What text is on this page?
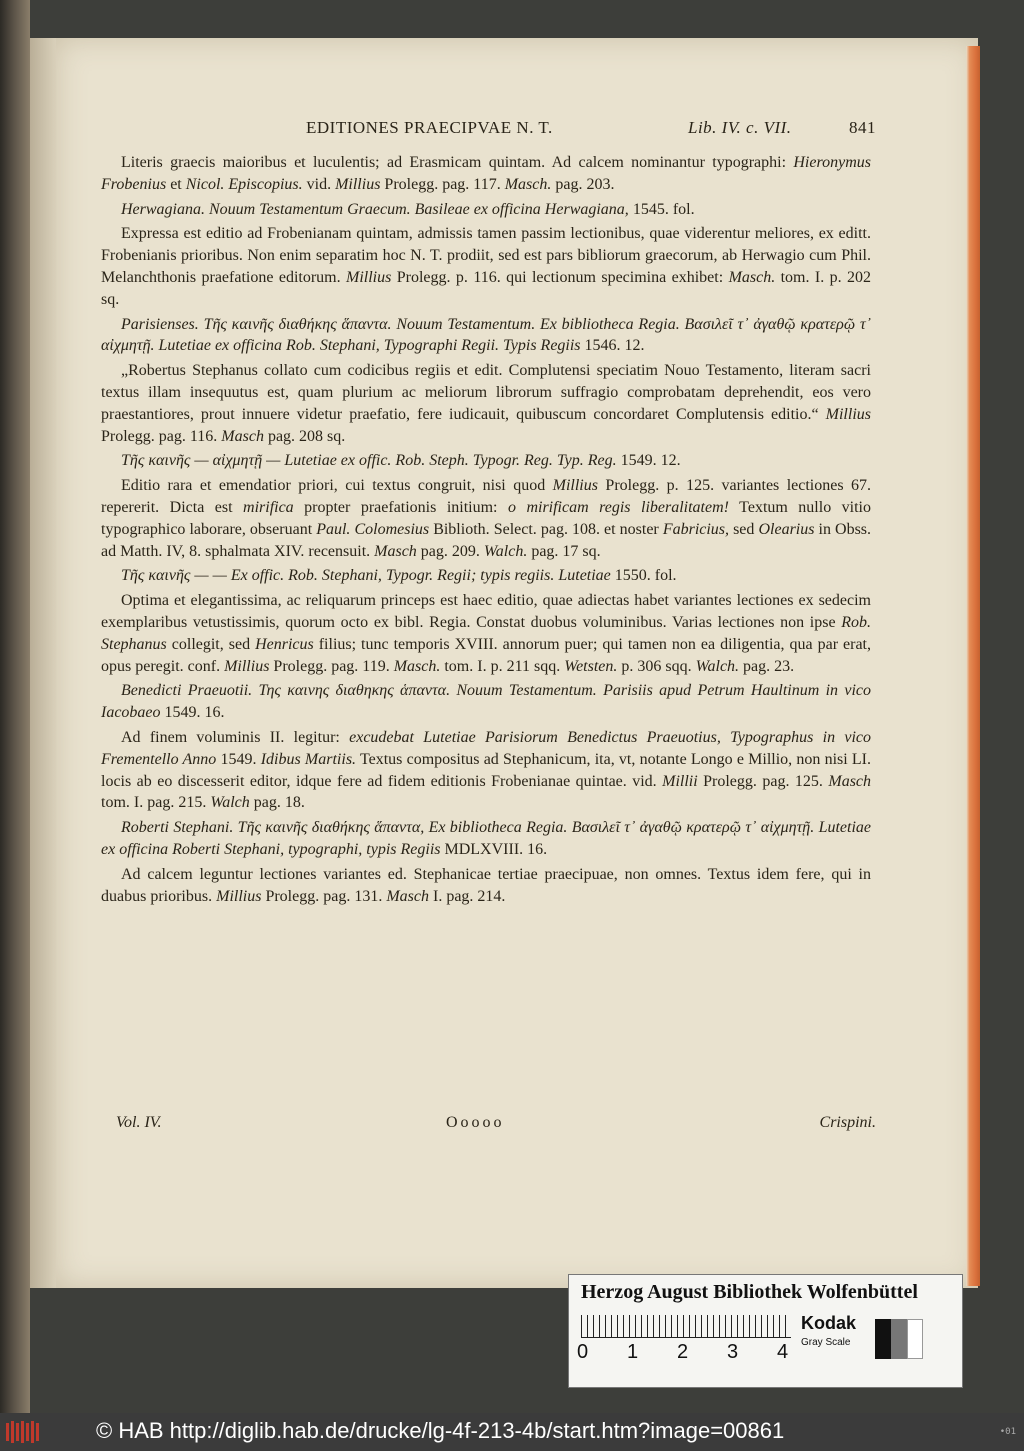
EDITIONES PRAECIPVAE N. T.	Lib. IV. c. VII.	841

Literis graecis maioribus et luculentis; ad Erasmicam quintam. Ad calcem nominantur typographi: Hieronymus Frobenius et Nicol. Episcopius. vid. Millius Prolegg. pag. 117. Masch. pag. 203.

Herwagiana. Nouum Testamentum Graecum. Basileae ex officina Herwagiana, 1545. fol.

Expressa est editio ad Frobenianam quintam, admissis tamen passim lectionibus, quae viderentur meliores, ex editt. Frobenianis prioribus. Non enim separatim hoc N. T. prodiit, sed est pars bibliorum graecorum, ab Herwagio cum Phil. Melanchthonis praefatione editorum. Millius Prolegg. p. 116. qui lectionum specimina exhibet: Masch. tom. I. p. 202 sq.

Parisienses. Τῆς καινῆς διαθήκης ἅπαντα. Nouum Testamentum. Ex bibliotheca Regia. Βασιλεῖ τ᾽ ἀγαθῷ κρατερῷ τ᾽ αἰχμητῇ. Lutetiae ex officina Rob. Stephani, Typographi Regii. Typis Regiis 1546. 12.

„Robertus Stephanus collato cum codicibus regiis et edit. Complutensi speciatim Nouo Testamento, literam sacri textus illam insequutus est, quam plurium ac meliorum librorum suffragio comprobatam deprehendit, eos vero praestantiores, prout innuere videtur praefatio, fere iudicauit, quibuscum concordaret Complutensis editio.“ Millius Prolegg. pag. 116. Masch pag. 208 sq.

Τῆς καινῆς — αἰχμητῇ — Lutetiae ex offic. Rob. Steph. Typogr. Reg. Typ. Reg. 1549. 12.

Editio rara et emendatior priori, cui textus congruit, nisi quod Millius Prolegg. p. 125. variantes lectiones 67. repererit. Dicta est mirifica propter praefationis initium: o mirificam regis liberalitatem! Textum nullo vitio typographico laborare, obseruant Paul. Colomesius Biblioth. Select. pag. 108. et noster Fabricius, sed Olearius in Obss. ad Matth. IV, 8. sphalmata XIV. recensuit. Masch pag. 209. Walch. pag. 17 sq.

Τῆς καινῆς — — Ex offic. Rob. Stephani, Typogr. Regii; typis regiis. Lutetiae 1550. fol.

Optima et elegantissima, ac reliquarum princeps est haec editio, quae adiectas habet variantes lectiones ex sedecim exemplaribus vetustissimis, quorum octo ex bibl. Regia. Constat duobus voluminibus. Varias lectiones non ipse Rob. Stephanus collegit, sed Henricus filius; tunc temporis XVIII. annorum puer; qui tamen non ea diligentia, qua par erat, opus peregit. conf. Millius Prolegg. pag. 119. Masch. tom. I. p. 211 sqq. Wetsten. p. 306 sqq. Walch. pag. 23.

Benedicti Praeuotii. Της καινης διαθηκης ἁπαντα. Nouum Testamentum. Parisiis apud Petrum Haultinum in vico Iacobaeo 1549. 16.

Ad finem voluminis II. legitur: excudebat Lutetiae Parisiorum Benedictus Praeuotius, Typographus in vico Frementello Anno 1549. Idibus Martiis. Textus compositus ad Stephanicum, ita, vt, notante Longo e Millio, non nisi LI. locis ab eo discesserit editor, idque fere ad fidem editionis Frobenianae quintae. vid. Millii Prolegg. pag. 125. Masch tom. I. pag. 215. Walch pag. 18.

Roberti Stephani. Τῆς καινῆς διαθήκης ἅπαντα, Ex bibliotheca Regia. Βασιλεῖ τ᾽ ἀγαθῷ κρατερῷ τ᾽ αἰχμητῇ. Lutetiae ex officina Roberti Stephani, typographi, typis Regiis MDLXVIII. 16.

Ad calcem leguntur lectiones variantes ed. Stephanicae tertiae praecipuae, non omnes. Textus idem fere, qui in duabus prioribus. Millius Prolegg. pag. 131. Masch I. pag. 214.

Vol. IV.	Ooooo	Crispini.
Herzog August Bibliothek Wolfenbüttel
0 1 2 3 4
Kodak
Gray Scale
© HAB http://diglib.hab.de/drucke/lg-4f-213-4b/start.htm?image=00861	•01
